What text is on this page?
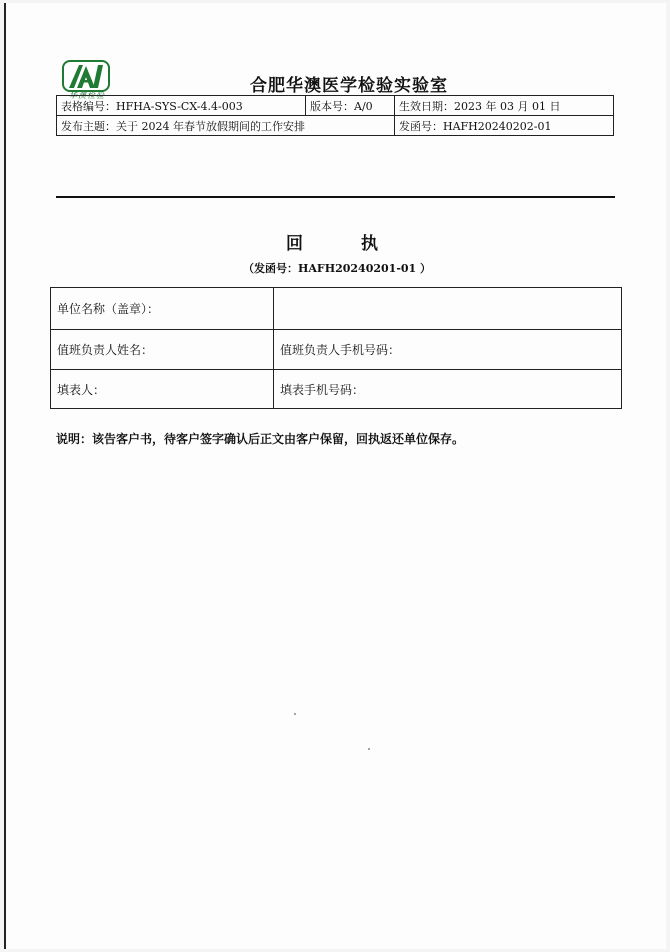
华澳检验	合肥华澳医学检验实验室
表格编号：HFHA-SYS-CX-4.4-003	版本号：A/0	生效日期：2023 年 03 月 01 日
发布主题：关于 2024 年春节放假期间的工作安排		发函号：HAFH20240202-01
回 执
（发函号：HAFH20240201-01 ）
单位名称（盖章）：	
值班负责人姓名：	值班负责人手机号码：
填表人：	填表手机号码：
说明：该告客户书，待客户签字确认后正文由客户保留，回执返还单位保存。
